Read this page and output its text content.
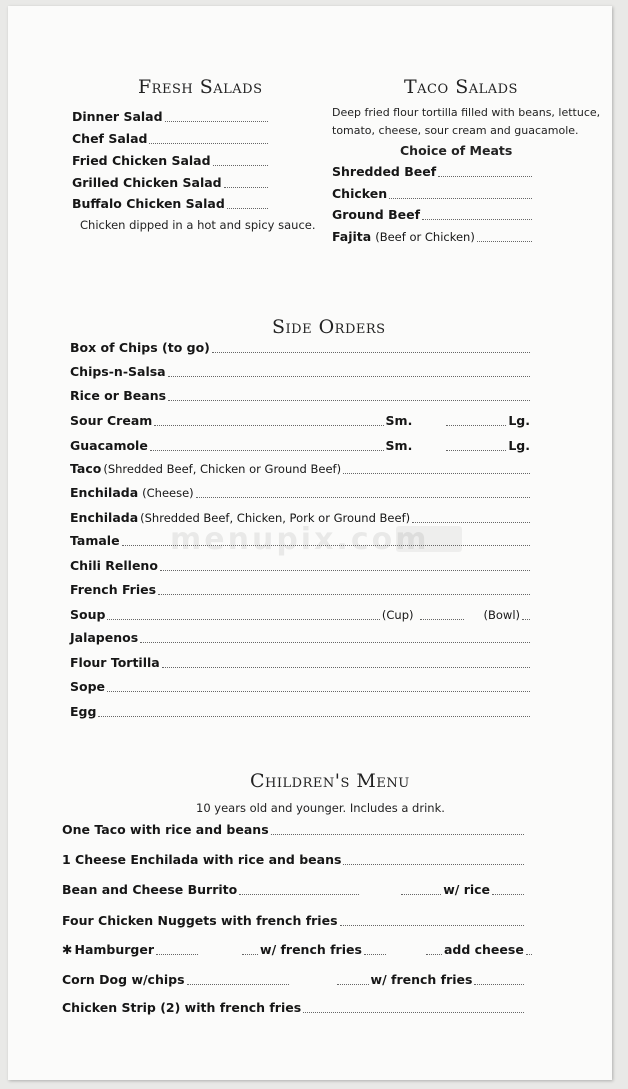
menupix.com
Fresh Salads
Dinner Salad
Chef Salad
Fried Chicken Salad
Grilled Chicken Salad
Buffalo Chicken Salad
Chicken dipped in a hot and spicy sauce.
Taco Salads
Deep fried flour tortilla filled with beans, lettuce,
tomato, cheese, sour cream and guacamole.
Choice of Meats
Shredded Beef
Chicken
Ground Beef
Fajita (Beef or Chicken)
Side Orders
Box of Chips (to go)
Chips-n-Salsa
Rice or Beans
Sour Cream	Sm.	Lg.
Guacamole	Sm.	Lg.
Taco (Shredded Beef, Chicken or Ground Beef)
Enchilada (Cheese)
Enchilada (Shredded Beef, Chicken, Pork or Ground Beef)
Tamale
Chili Relleno
French Fries
Soup	(Cup)	(Bowl)
Jalapenos
Flour Tortilla
Sope
Egg
Children's Menu
10 years old and younger. Includes a drink.
One Taco with rice and beans
1 Cheese Enchilada with rice and beans
Bean and Cheese Burrito	w/ rice
Four Chicken Nuggets with french fries
✱ Hamburger	w/ french fries	add cheese
Corn Dog w/chips	w/ french fries
Chicken Strip (2) with french fries
